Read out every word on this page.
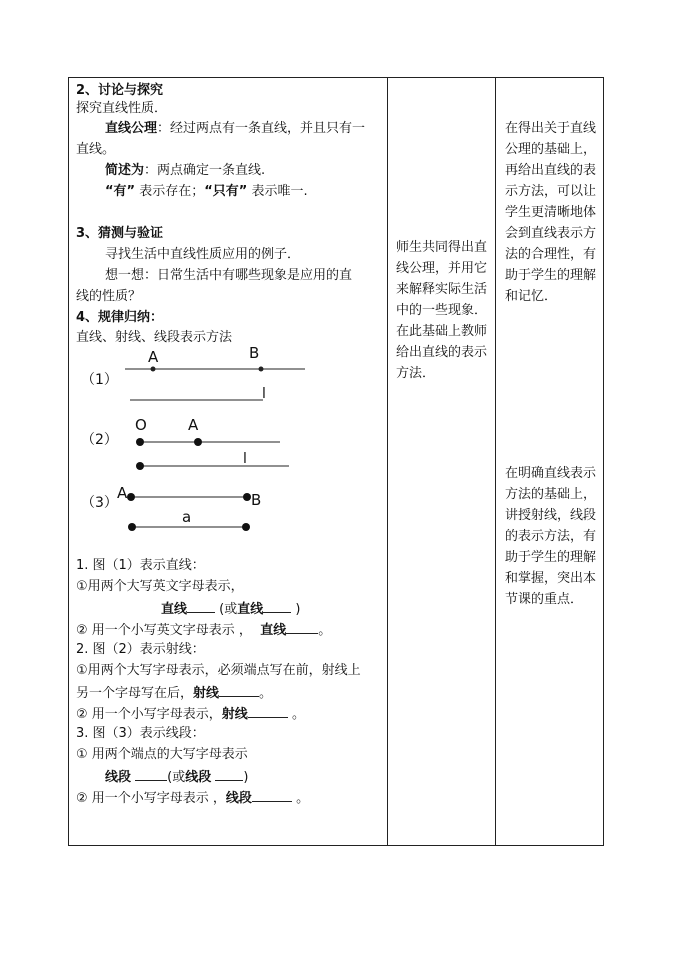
2、讨论与探究
探究直线性质．
直线公理：经过两点有一条直线，并且只有一
直线。
简述为：两点确定一条直线.
“有” 表示存在；“只有” 表示唯一.
3、猜测与验证
寻找生活中直线性质应用的例子．
想一想：日常生活中有哪些现象是应用的直
线的性质？
4、规律归纳：
直线、射线、线段表示方法
（1）
（2）
（3）
A	B
l
O	A
l
A	B
a
1. 图（1）表示直线：
①用两个大写英文字母表示，
直线 (或直线 )
② 用一个小写英文字母表示 ， 直线 。
2. 图（2）表示射线：
①用两个大写字母表示，必须端点写在前，射线上
另一个字母写在后，射线	。
② 用一个小写字母表示，射线	。
3. 图（3）表示线段：
① 用两个端点的大写字母表示
线段	(或线段 )
② 用一个小写字母表示 ，线段	。
师生共同得出直线公理，并用它来解释实际生活中的一些现象．在此基础上教师给出直线的表示方法．
在得出关于直线公理的基础上，再给出直线的表示方法，可以让学生更清晰地体会到直线表示方法的合理性，有助于学生的理解和记忆．
在明确直线表示方法的基础上，讲授射线，线段的表示方法，有助于学生的理解和掌握，突出本节课的重点．
